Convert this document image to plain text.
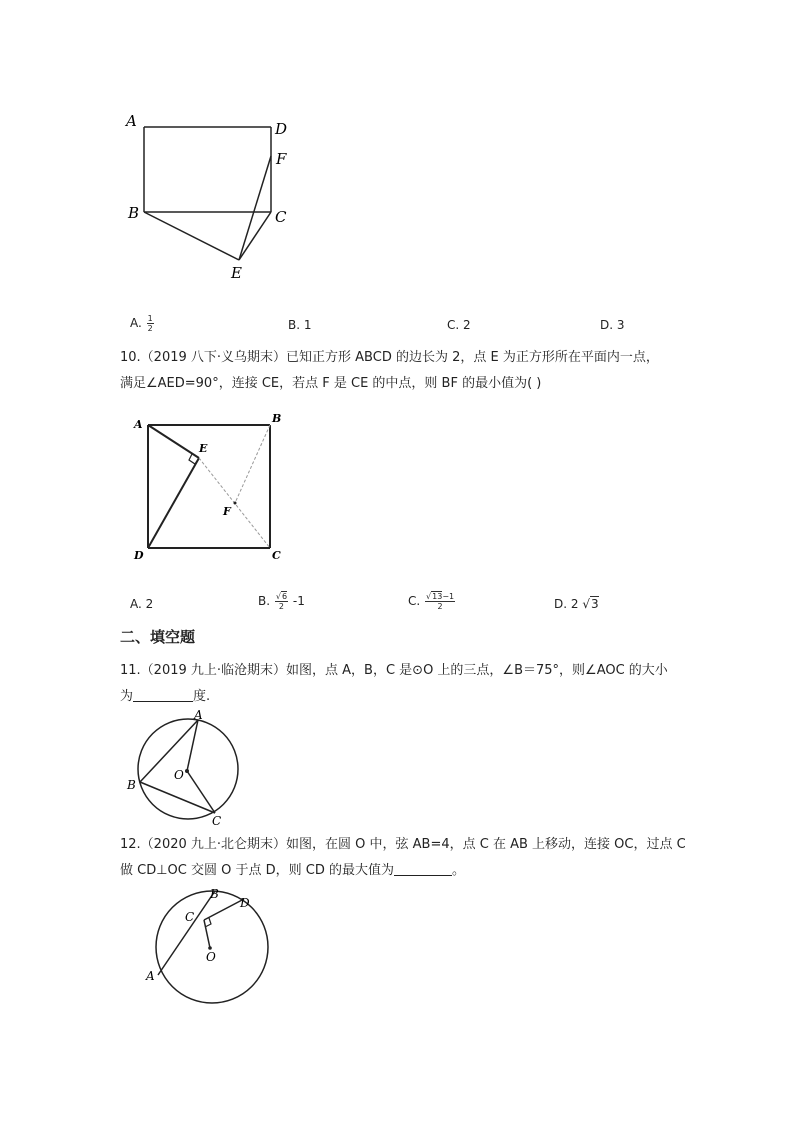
A	D
F
B	C
E
A. $\frac{1}{2}$	B. 1	C. 2	D. 3
10.（2019 八下·义乌期末）已知正方形 ABCD 的边长为 2，点 E 为正方形所在平面内一点，
满足∠AED=90°，连接 CE，若点 F 是 CE 的中点，则 BF 的最小值为( )
A	B
D	C
E
F
A. 2	B. $\frac{√6}{2} -1$	C. $\frac{√13-1}{2}$	D. 2 √3
二、填空题
11.（2019 九上·临沧期末）如图，点 A，B，C 是⊙O 上的三点，∠B＝75°，则∠AOC 的大小
为	度.
A
B
C
O
12.（2020 九上·北仑期末）如图，在圆 O 中，弦 AB=4，点 C 在 AB 上移动，连接 OC，过点 C
做 CD⊥OC 交圆 O 于点 D，则 CD 的最大值为	。
A
B
C
D
O
